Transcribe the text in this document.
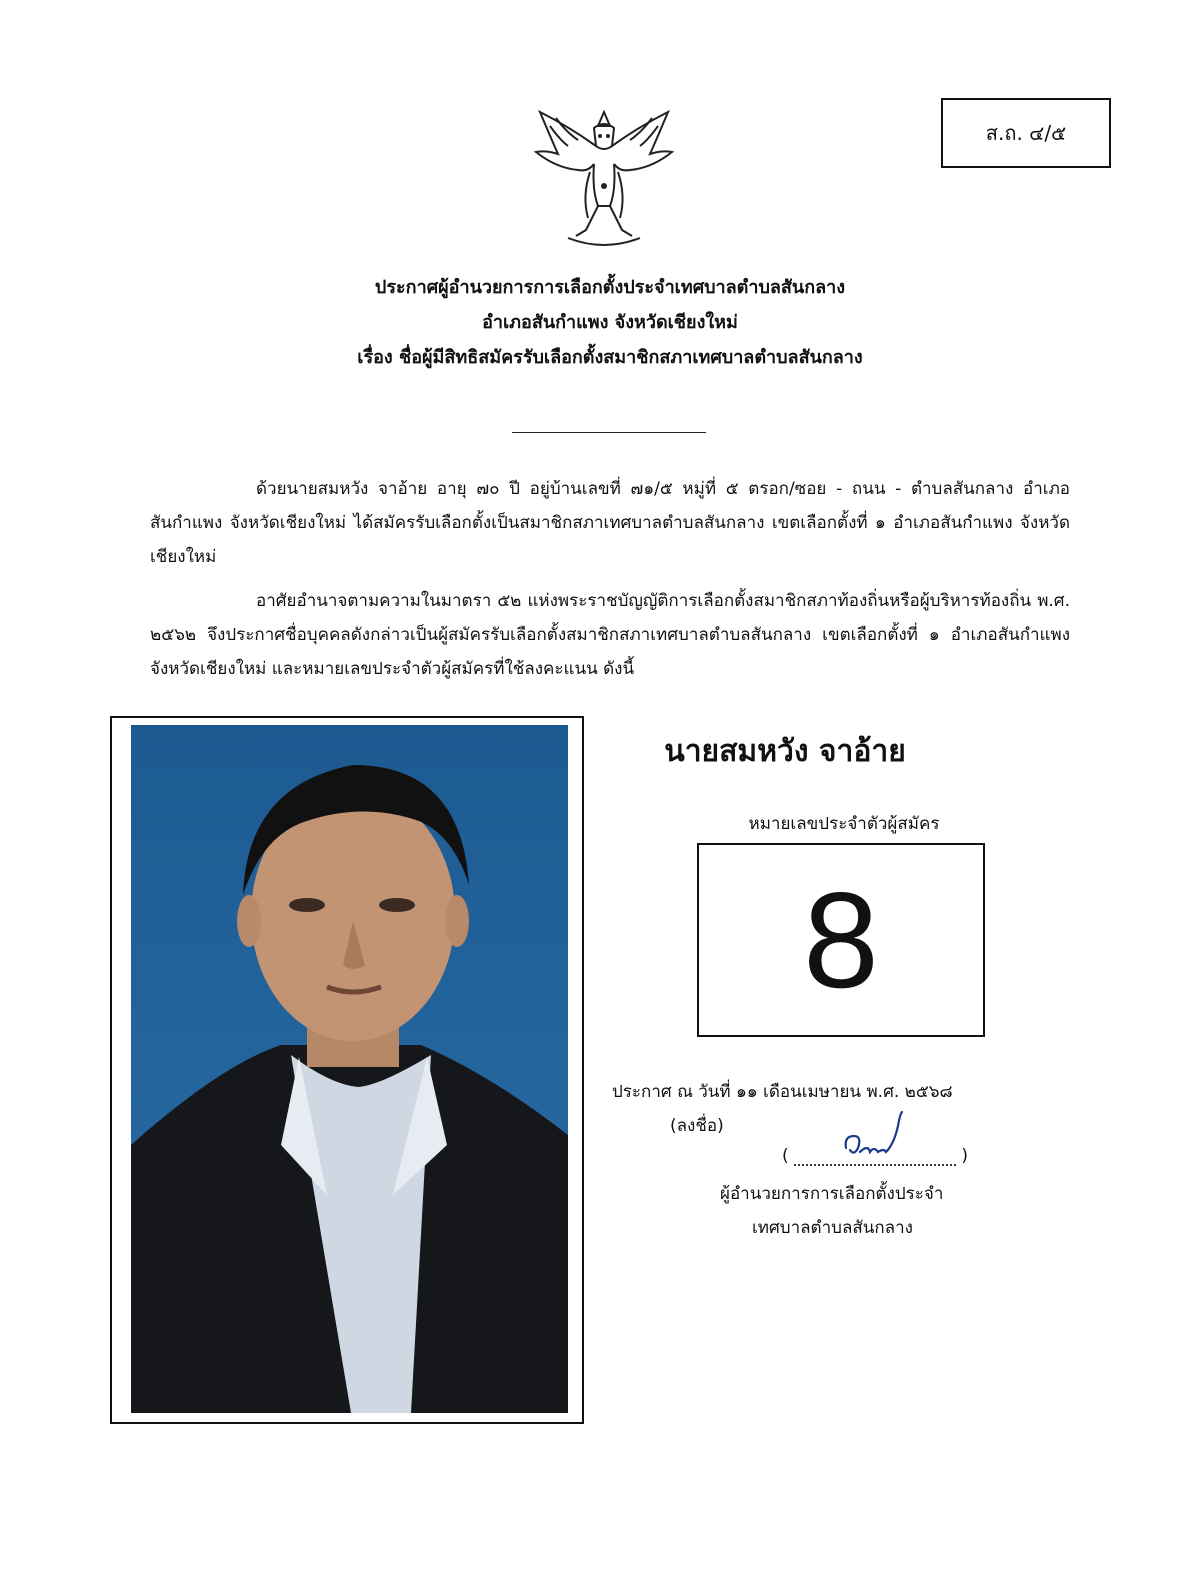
ส.ถ. ๔/๕
ประกาศผู้อำนวยการการเลือกตั้งประจำเทศบาลตำบลสันกลาง
อำเภอสันกำแพง จังหวัดเชียงใหม่
เรื่อง ชื่อผู้มีสิทธิสมัครรับเลือกตั้งสมาชิกสภาเทศบาลตำบลสันกลาง

ด้วยนายสมหวัง จาอ้าย อายุ ๗๐ ปี อยู่บ้านเลขที่ ๗๑/๕ หมู่ที่ ๕ ตรอก/ซอย - ถนน - ตำบลสันกลาง อำเภอสันกำแพง จังหวัดเชียงใหม่ ได้สมัครรับเลือกตั้งเป็นสมาชิกสภาเทศบาลตำบลสันกลาง เขตเลือกตั้งที่ ๑ อำเภอสันกำแพง จังหวัดเชียงใหม่

อาศัยอำนาจตามความในมาตรา ๕๒ แห่งพระราชบัญญัติการเลือกตั้งสมาชิกสภาท้องถิ่นหรือผู้บริหารท้องถิ่น พ.ศ. ๒๕๖๒ จึงประกาศชื่อบุคคลดังกล่าวเป็นผู้สมัครรับเลือกตั้งสมาชิกสภาเทศบาลตำบลสันกลาง เขตเลือกตั้งที่ ๑ อำเภอสันกำแพง จังหวัดเชียงใหม่ และหมายเลขประจำตัวผู้สมัครที่ใช้ลงคะแนน ดังนี้

นายสมหวัง จาอ้าย
หมายเลขประจำตัวผู้สมัคร
8
ประกาศ ณ วันที่ ๑๑ เดือนเมษายน พ.ศ. ๒๕๖๘
(ลงชื่อ)
(	)
ผู้อำนวยการการเลือกตั้งประจำ
เทศบาลตำบลสันกลาง
